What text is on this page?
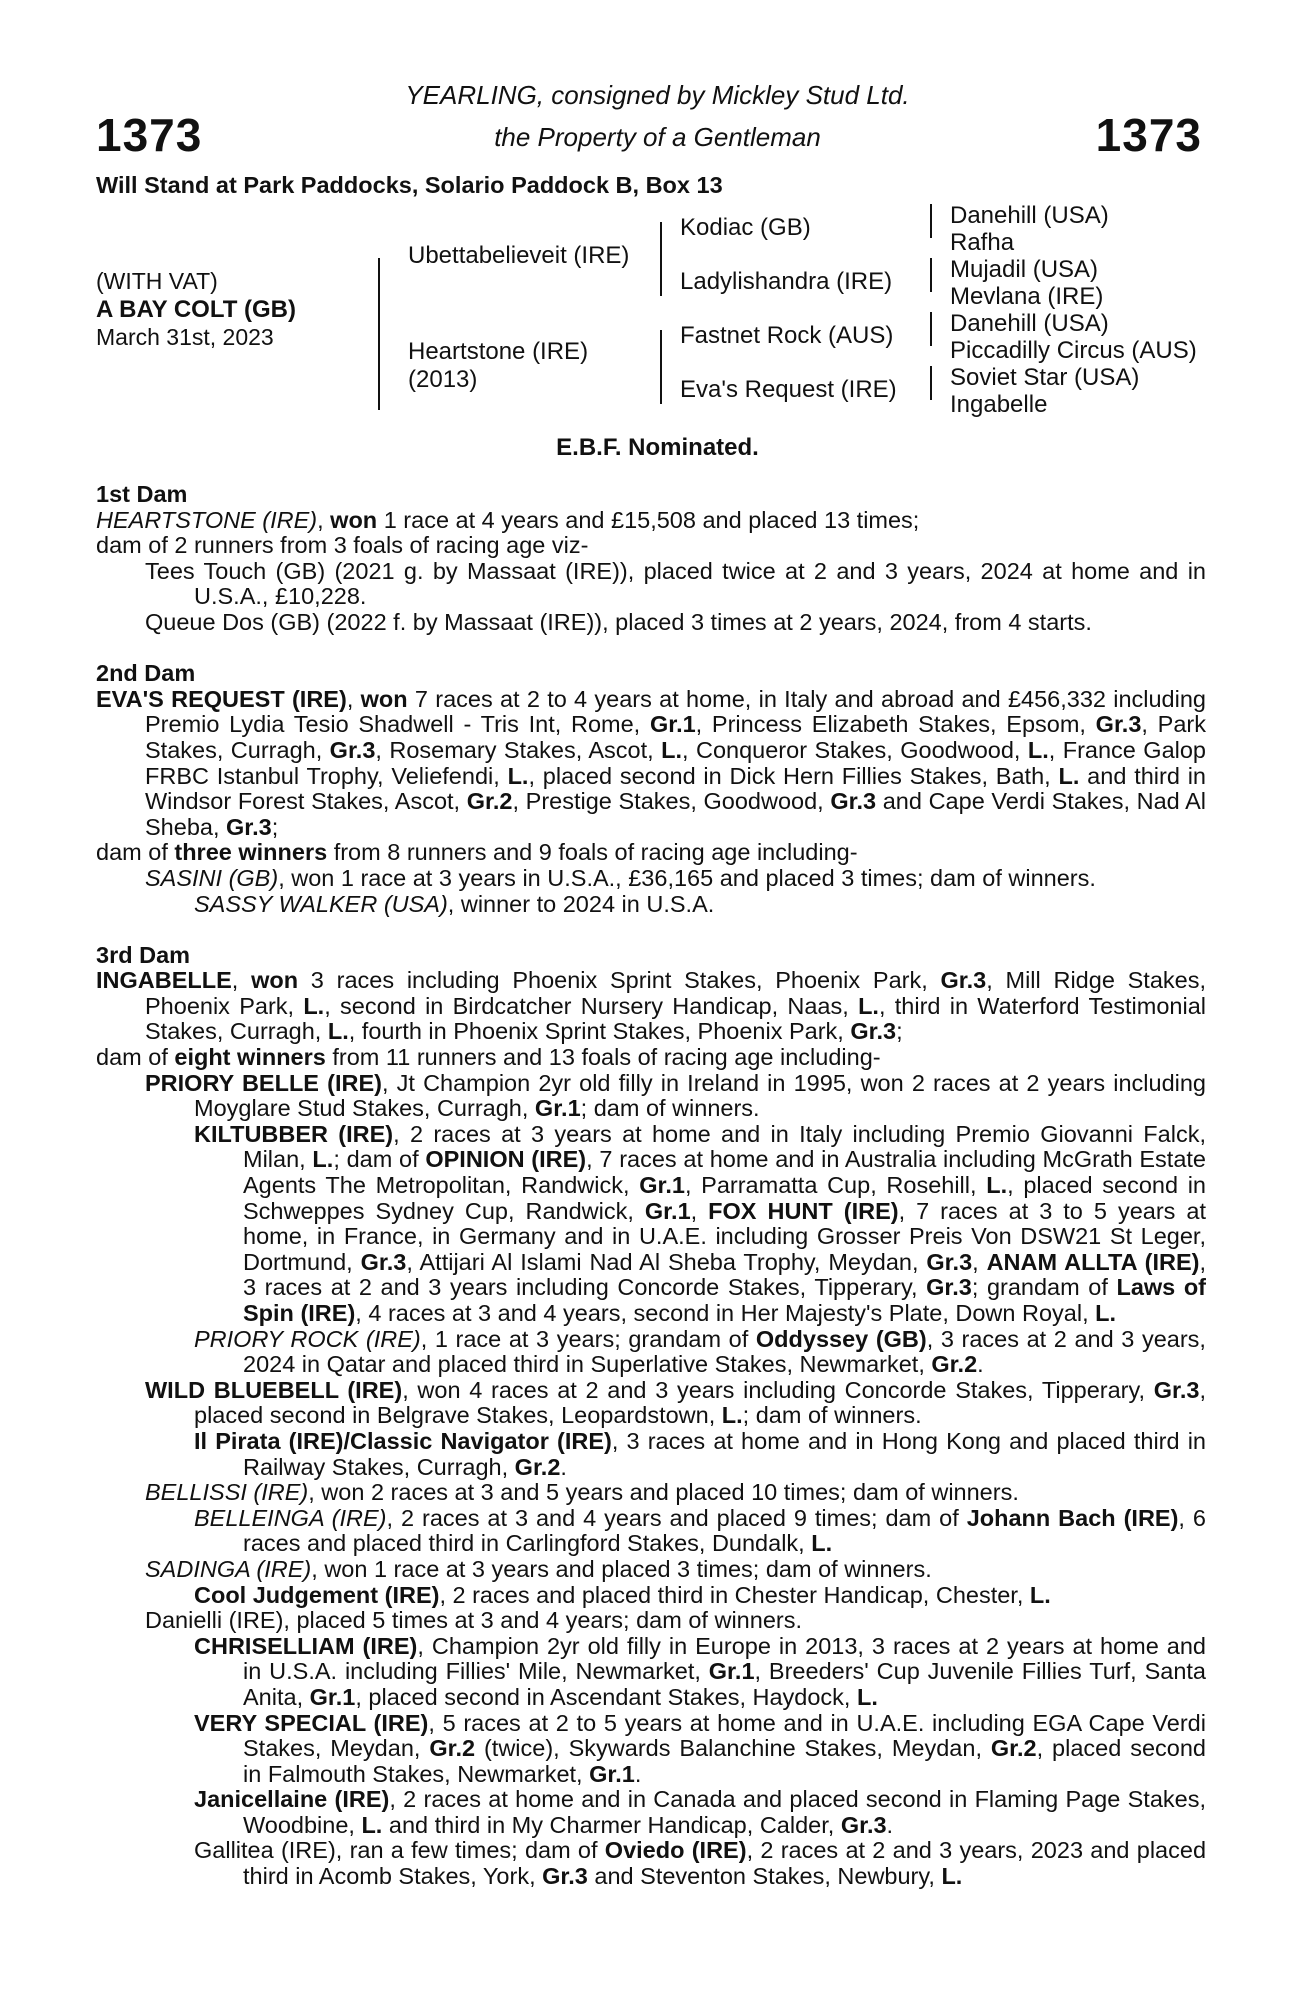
1373	1373
YEARLING, consigned by Mickley Stud Ltd.
the Property of a Gentleman
Will Stand at Park Paddocks, Solario Paddock B, Box 13
(WITH VAT)
A BAY COLT (GB)
March 31st, 2023
Ubettabelieveit (IRE)
Heartstone (IRE)
(2013)
Kodiac (GB)
Ladylishandra (IRE)
Fastnet Rock (AUS)
Eva's Request (IRE)
Danehill (USA)
Rafha
Mujadil (USA)
Mevlana (IRE)
Danehill (USA)
Piccadilly Circus (AUS)
Soviet Star (USA)
Ingabelle
E.B.F. Nominated.

1st Dam

HEARTSTONE (IRE), won 1 race at 4 years and £15,508 and placed 13 times;

dam of 2 runners from 3 foals of racing age viz-

Tees Touch (GB) (2021 g. by Massaat (IRE)), placed twice at 2 and 3 years, 2024 at home and in U.S.A., £10,228.

Queue Dos (GB) (2022 f. by Massaat (IRE)), placed 3 times at 2 years, 2024, from 4 starts.

2nd Dam

EVA'S REQUEST (IRE), won 7 races at 2 to 4 years at home, in Italy and abroad and £456,332 including Premio Lydia Tesio Shadwell - Tris Int, Rome, Gr.1, Princess Elizabeth Stakes, Epsom, Gr.3, Park Stakes, Curragh, Gr.3, Rosemary Stakes, Ascot, L., Conqueror Stakes, Goodwood, L., France Galop FRBC Istanbul Trophy, Veliefendi, L., placed second in Dick Hern Fillies Stakes, Bath, L. and third in Windsor Forest Stakes, Ascot, Gr.2, Prestige Stakes, Goodwood, Gr.3 and Cape Verdi Stakes, Nad Al Sheba, Gr.3;

dam of three winners from 8 runners and 9 foals of racing age including-

SASINI (GB), won 1 race at 3 years in U.S.A., £36,165 and placed 3 times; dam of winners.

SASSY WALKER (USA), winner to 2024 in U.S.A.

3rd Dam

INGABELLE, won 3 races including Phoenix Sprint Stakes, Phoenix Park, Gr.3, Mill Ridge Stakes, Phoenix Park, L., second in Birdcatcher Nursery Handicap, Naas, L., third in Waterford Testimonial Stakes, Curragh, L., fourth in Phoenix Sprint Stakes, Phoenix Park, Gr.3;

dam of eight winners from 11 runners and 13 foals of racing age including-

PRIORY BELLE (IRE), Jt Champion 2yr old filly in Ireland in 1995, won 2 races at 2 years including Moyglare Stud Stakes, Curragh, Gr.1; dam of winners.

KILTUBBER (IRE), 2 races at 3 years at home and in Italy including Premio Giovanni Falck, Milan, L.; dam of OPINION (IRE), 7 races at home and in Australia including McGrath Estate Agents The Metropolitan, Randwick, Gr.1, Parramatta Cup, Rosehill, L., placed second in Schweppes Sydney Cup, Randwick, Gr.1, FOX HUNT (IRE), 7 races at 3 to 5 years at home, in France, in Germany and in U.A.E. including Grosser Preis Von DSW21 St Leger, Dortmund, Gr.3, Attijari Al Islami Nad Al Sheba Trophy, Meydan, Gr.3, ANAM ALLTA (IRE), 3 races at 2 and 3 years including Concorde Stakes, Tipperary, Gr.3; grandam of Laws of Spin (IRE), 4 races at 3 and 4 years, second in Her Majesty's Plate, Down Royal, L.

PRIORY ROCK (IRE), 1 race at 3 years; grandam of Oddyssey (GB), 3 races at 2 and 3 years, 2024 in Qatar and placed third in Superlative Stakes, Newmarket, Gr.2.

WILD BLUEBELL (IRE), won 4 races at 2 and 3 years including Concorde Stakes, Tipperary, Gr.3, placed second in Belgrave Stakes, Leopardstown, L.; dam of winners.

Il Pirata (IRE)/Classic Navigator (IRE), 3 races at home and in Hong Kong and placed third in Railway Stakes, Curragh, Gr.2.

BELLISSI (IRE), won 2 races at 3 and 5 years and placed 10 times; dam of winners.

BELLEINGA (IRE), 2 races at 3 and 4 years and placed 9 times; dam of Johann Bach (IRE), 6 races and placed third in Carlingford Stakes, Dundalk, L.

SADINGA (IRE), won 1 race at 3 years and placed 3 times; dam of winners.

Cool Judgement (IRE), 2 races and placed third in Chester Handicap, Chester, L.

Danielli (IRE), placed 5 times at 3 and 4 years; dam of winners.

CHRISELLIAM (IRE), Champion 2yr old filly in Europe in 2013, 3 races at 2 years at home and in U.S.A. including Fillies' Mile, Newmarket, Gr.1, Breeders' Cup Juvenile Fillies Turf, Santa Anita, Gr.1, placed second in Ascendant Stakes, Haydock, L.

VERY SPECIAL (IRE), 5 races at 2 to 5 years at home and in U.A.E. including EGA Cape Verdi Stakes, Meydan, Gr.2 (twice), Skywards Balanchine Stakes, Meydan, Gr.2, placed second in Falmouth Stakes, Newmarket, Gr.1.

Janicellaine (IRE), 2 races at home and in Canada and placed second in Flaming Page Stakes, Woodbine, L. and third in My Charmer Handicap, Calder, Gr.3.

Gallitea (IRE), ran a few times; dam of Oviedo (IRE), 2 races at 2 and 3 years, 2023 and placed third in Acomb Stakes, York, Gr.3 and Steventon Stakes, Newbury, L.
